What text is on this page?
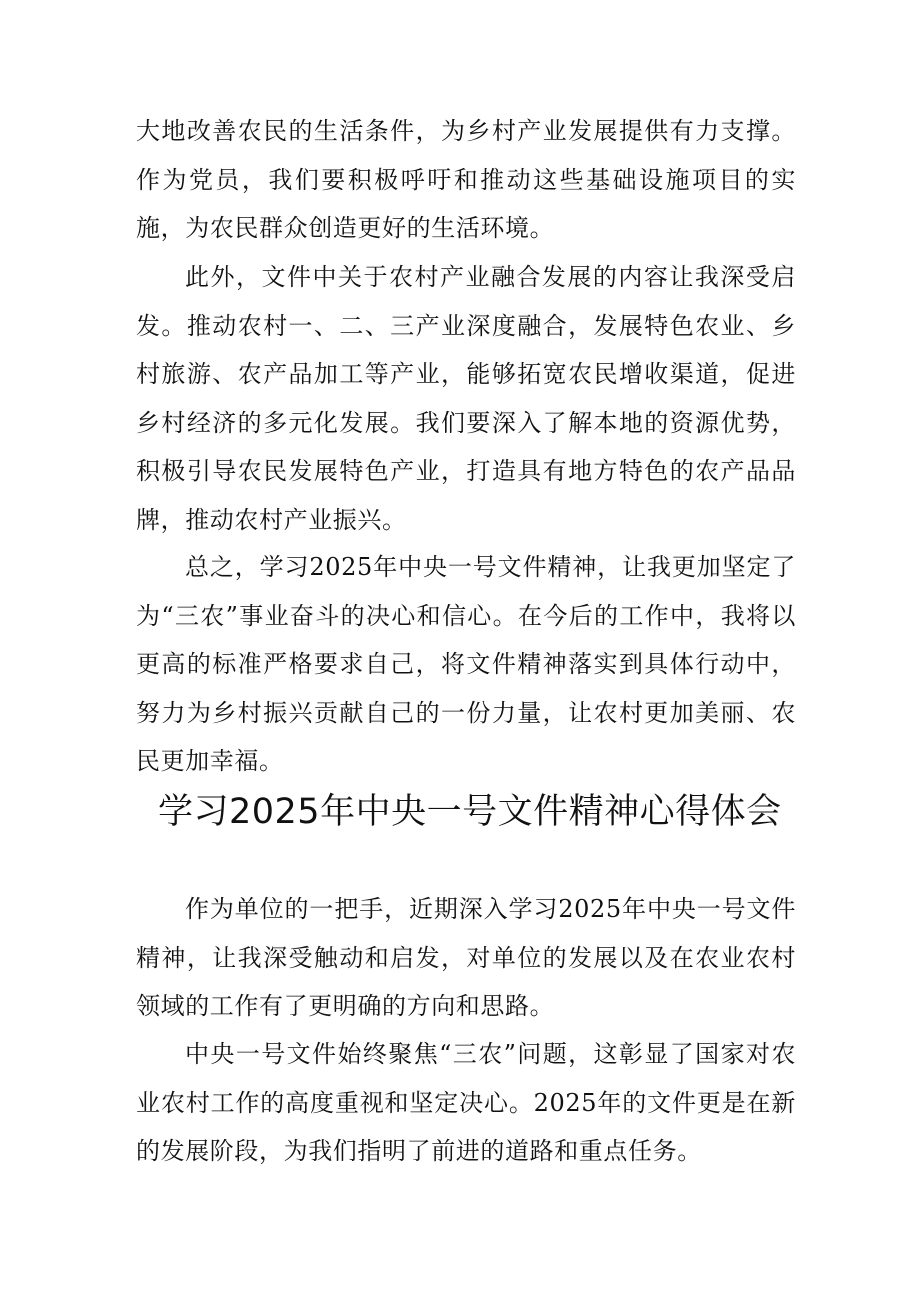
大地改善农民的生活条件，为乡村产业发展提供有力支撑。作为党员，我们要积极呼吁和推动这些基础设施项目的实施，为农民群众创造更好的生活环境。

此外，文件中关于农村产业融合发展的内容让我深受启发。推动农村一、二、三产业深度融合，发展特色农业、乡村旅游、农产品加工等产业，能够拓宽农民增收渠道，促进乡村经济的多元化发展。我们要深入了解本地的资源优势，积极引导农民发展特色产业，打造具有地方特色的农产品品牌，推动农村产业振兴。

总之，学习2025年中央一号文件精神，让我更加坚定了为“三农”事业奋斗的决心和信心。在今后的工作中，我将以更高的标准严格要求自己，将文件精神落实到具体行动中，努力为乡村振兴贡献自己的一份力量，让农村更加美丽、农民更加幸福。

学习2025年中央一号文件精神心得体会

作为单位的一把手，近期深入学习2025年中央一号文件精神，让我深受触动和启发，对单位的发展以及在农业农村领域的工作有了更明确的方向和思路。

中央一号文件始终聚焦“三农”问题，这彰显了国家对农业农村工作的高度重视和坚定决心。2025年的文件更是在新的发展阶段，为我们指明了前进的道路和重点任务。
